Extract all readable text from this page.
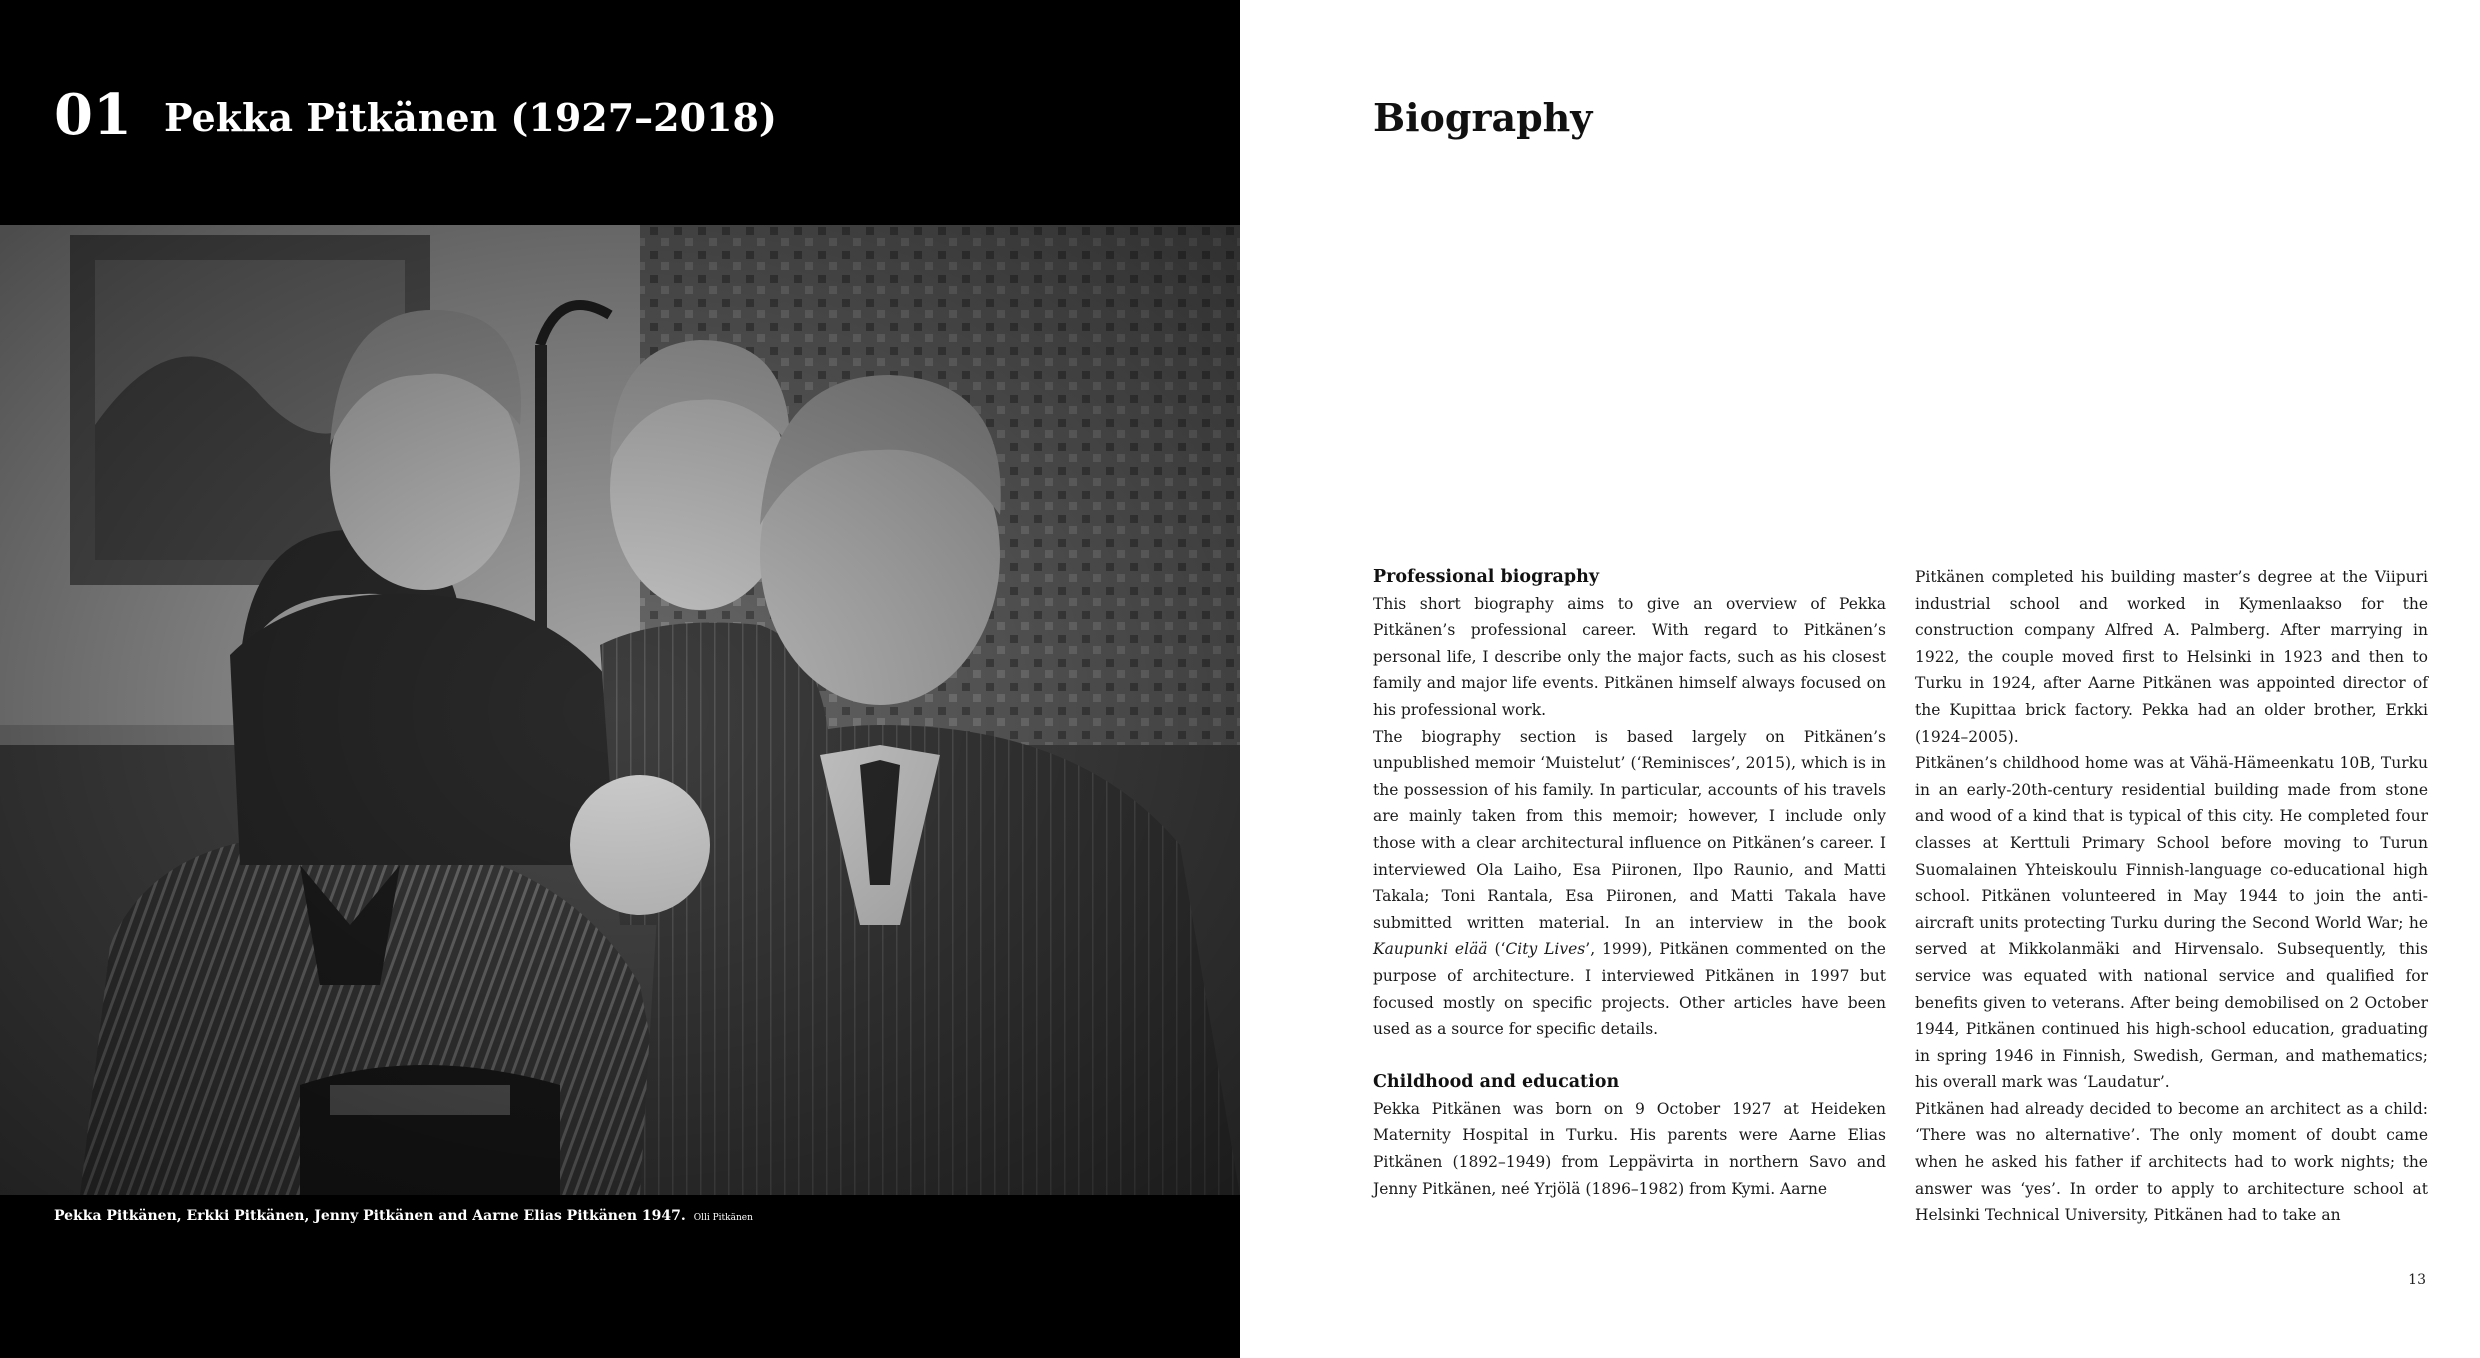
01 Pekka Pitkänen (1927–2018)
Pekka Pitkänen, Erkki Pitkänen, Jenny Pitkänen and Aarne Elias Pitkänen 1947. Olli Pitkänen
Biography
Professional biography

This short biography aims to give an overview of Pekka Pitkänen’s professional career. With regard to Pitkänen’s personal life, I describe only the major facts, such as his closest family and major life events. Pitkänen himself always focused on his professional work.

The biography section is based largely on Pitkänen’s unpublished memoir ‘Muistelut’ (‘Reminisces’, 2015), which is in the possession of his family. In particular, accounts of his travels are mainly taken from this memoir; however, I include only those with a clear architectural influence on Pitkänen’s career. I interviewed Ola Laiho, Esa Piironen, Ilpo Raunio, and Matti Takala; Toni Rantala, Esa Piironen, and Matti Takala have submitted written material. In an interview in the book Kaupunki elää (‘City Lives’, 1999), Pitkänen commented on the purpose of architecture. I interviewed Pitkänen in 1997 but focused mostly on specific projects. Other articles have been used as a source for specific details.

Childhood and education

Pekka Pitkänen was born on 9 October 1927 at Heideken Maternity Hospital in Turku. His parents were Aarne Elias Pitkänen (1892–1949) from Leppävirta in northern Savo and Jenny Pitkänen, neé Yrjölä (1896–1982) from Kymi. Aarne

Pitkänen completed his building master’s degree at the Viipuri industrial school and worked in Kymenlaakso for the construction company Alfred A. Palmberg. After marrying in 1922, the couple moved first to Helsinki in 1923 and then to Turku in 1924, after Aarne Pitkänen was appointed director of the Kupittaa brick factory. Pekka had an older brother, Erkki (1924–2005).

Pitkänen’s childhood home was at Vähä-Hämeenkatu 10B, Turku in an early-20th-century residential building made from stone and wood of a kind that is typical of this city. He completed four classes at Kerttuli Primary School before moving to Turun Suomalainen Yhteiskoulu Finnish-language co-educational high school. Pitkänen volunteered in May 1944 to join the anti-aircraft units protecting Turku during the Second World War; he served at Mikkolanmäki and Hirvensalo. Subsequently, this service was equated with national service and qualified for benefits given to veterans. After being demobilised on 2 October 1944, Pitkänen continued his high-school education, graduating in spring 1946 in Finnish, Swedish, German, and mathematics; his overall mark was ‘Laudatur’.

Pitkänen had already decided to become an architect as a child: ‘There was no alternative’. The only moment of doubt came when he asked his father if architects had to work nights; the answer was ‘yes’. In order to apply to architecture school at Helsinki Technical University, Pitkänen had to take an

13
